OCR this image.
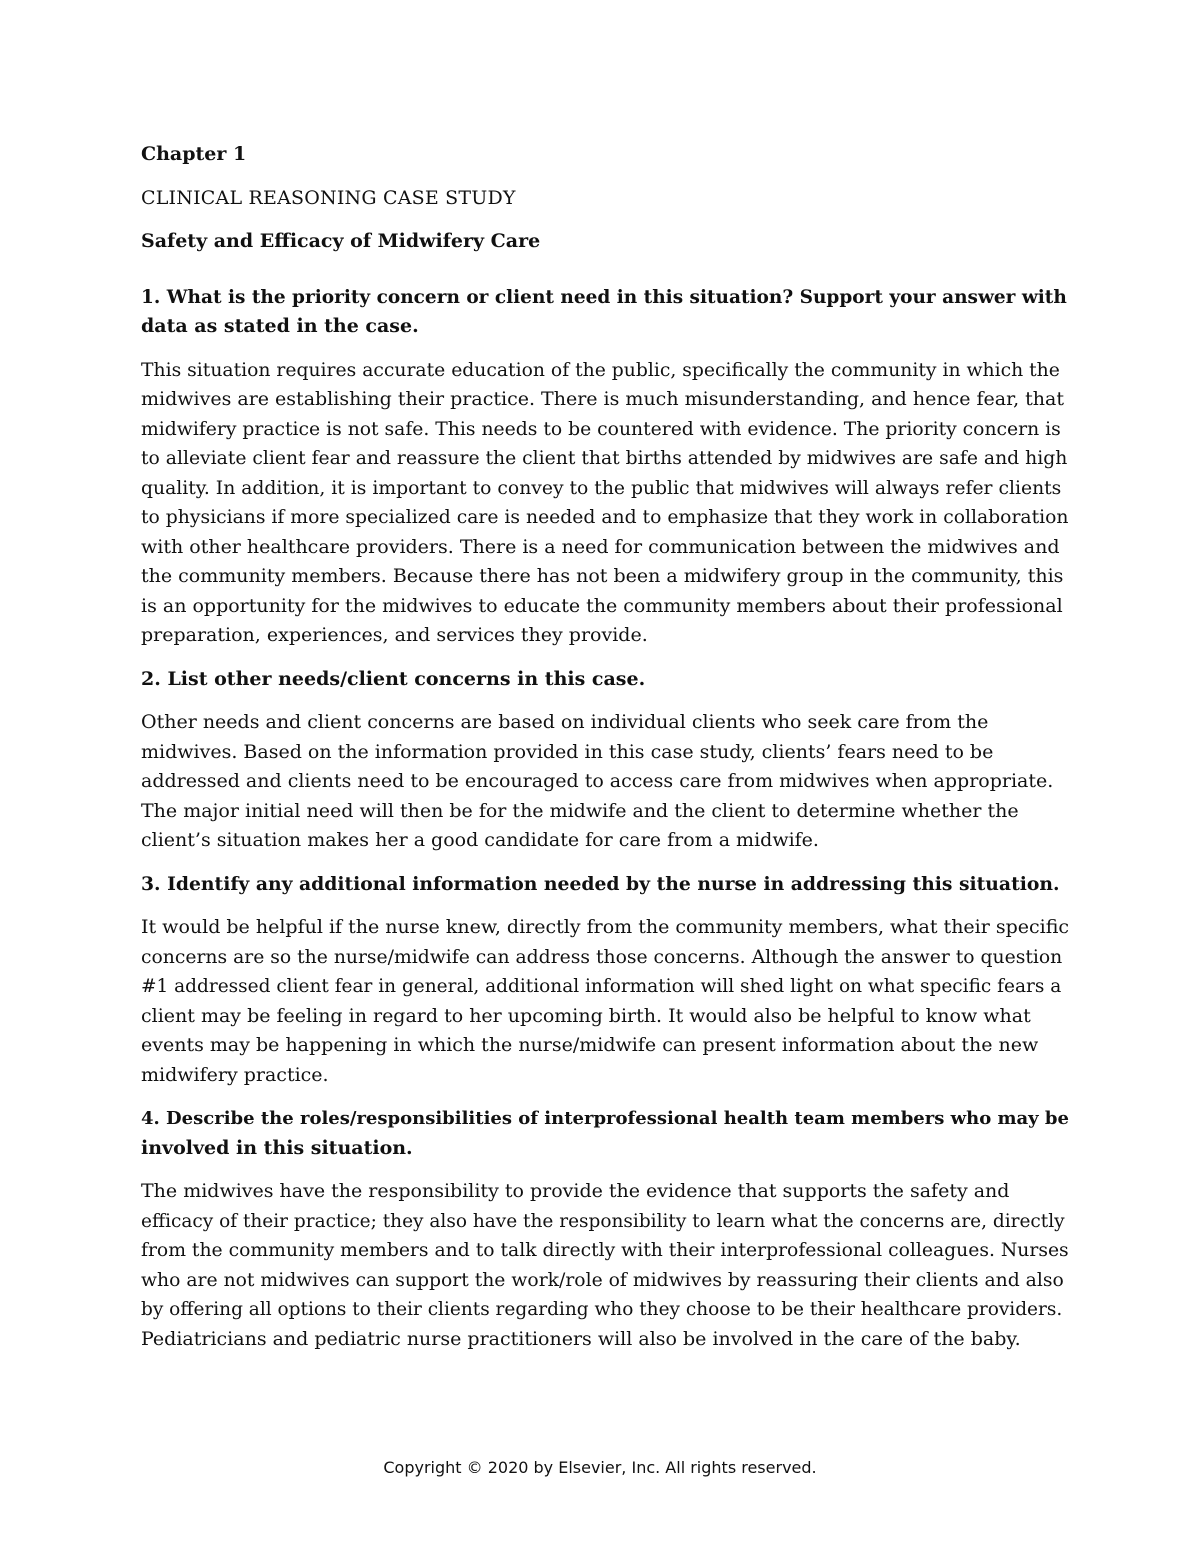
Chapter 1

CLINICAL REASONING CASE STUDY

Safety and Efficacy of Midwifery Care

1. What is the priority concern or client need in this situation? Support your answer with

data as stated in the case.

This situation requires accurate education of the public, specifically the community in which the

midwives are establishing their practice. There is much misunderstanding, and hence fear, that

midwifery practice is not safe. This needs to be countered with evidence. The priority concern is

to alleviate client fear and reassure the client that births attended by midwives are safe and high

quality. In addition, it is important to convey to the public that midwives will always refer clients

to physicians if more specialized care is needed and to emphasize that they work in collaboration

with other healthcare providers. There is a need for communication between the midwives and

the community members. Because there has not been a midwifery group in the community, this

is an opportunity for the midwives to educate the community members about their professional

preparation, experiences, and services they provide.

2. List other needs/client concerns in this case.

Other needs and client concerns are based on individual clients who seek care from the

midwives. Based on the information provided in this case study, clients’ fears need to be

addressed and clients need to be encouraged to access care from midwives when appropriate.

The major initial need will then be for the midwife and the client to determine whether the

client’s situation makes her a good candidate for care from a midwife.

3. Identify any additional information needed by the nurse in addressing this situation.

It would be helpful if the nurse knew, directly from the community members, what their specific

concerns are so the nurse/midwife can address those concerns. Although the answer to question

#1 addressed client fear in general, additional information will shed light on what specific fears a

client may be feeling in regard to her upcoming birth. It would also be helpful to know what

events may be happening in which the nurse/midwife can present information about the new

midwifery practice.

4. Describe the roles/responsibilities of interprofessional health team members who may be

involved in this situation.

The midwives have the responsibility to provide the evidence that supports the safety and

efficacy of their practice; they also have the responsibility to learn what the concerns are, directly

from the community members and to talk directly with their interprofessional colleagues. Nurses

who are not midwives can support the work/role of midwives by reassuring their clients and also

by offering all options to their clients regarding who they choose to be their healthcare providers.

Pediatricians and pediatric nurse practitioners will also be involved in the care of the baby.

Copyright © 2020 by Elsevier, Inc. All rights reserved.
